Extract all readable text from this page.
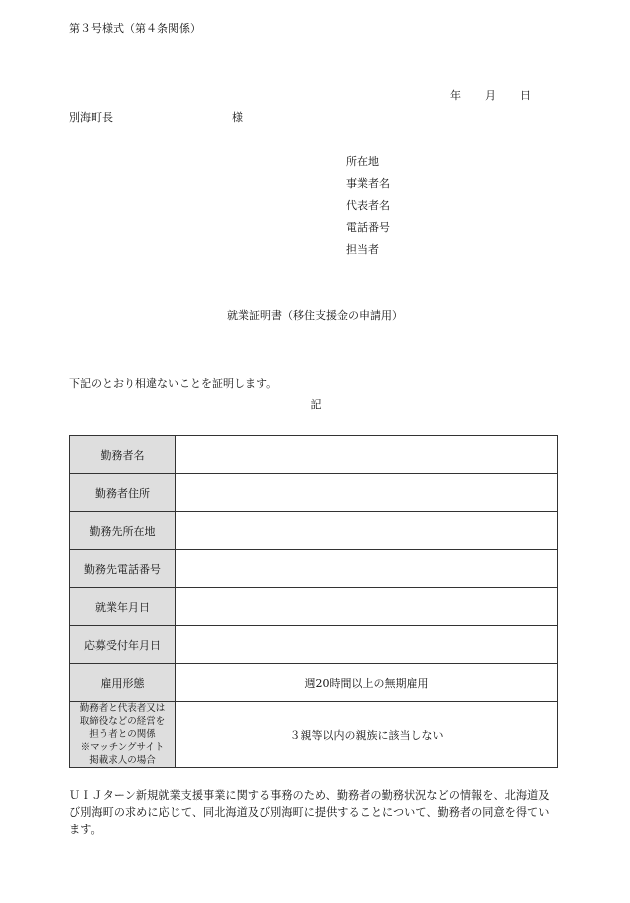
第３号様式（第４条関係）
年 月 日
別海町長	様
所在地
事業者名
代表者名
電話番号
担当者
就業証明書（移住支援金の申請用）
下記のとおり相違ないことを証明します。
記
勤務者名	
勤務者住所	
勤務先所在地	
勤務先電話番号	
就業年月日	
応募受付年月日	
雇用形態	週20時間以上の無期雇用

勤務者と代表者又は
取締役などの経営を
担う者との関係
※マッチングサイト
掲載求人の場合	３親等以内の親族に該当しない
ＵＩＪターン新規就業支援事業に関する事務のため、勤務者の勤務状況などの情報を、北海道及び別海町の求めに応じて、同北海道及び別海町に提供することについて、勤務者の同意を得ています。
